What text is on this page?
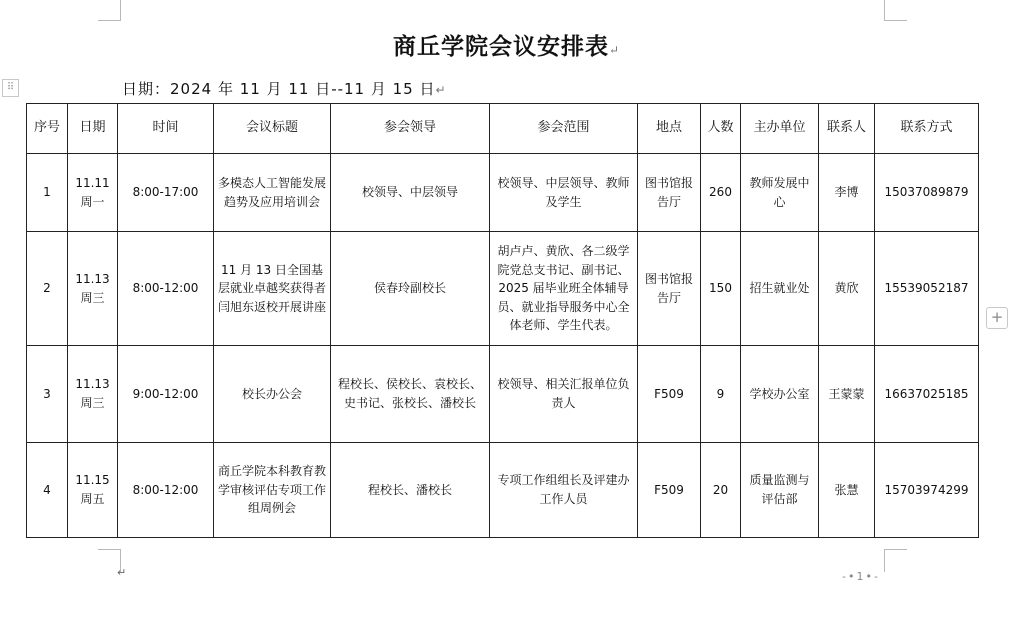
商丘学院会议安排表↵
⠿	日期：2024 年 11 月 11 日--11 月 15 日↵
序号	日期	时间	会议标题	参会领导	参会范围	地点	人数	主办单位	联系人	联系方式
1	11.11 周一	8:00-17:00	多模态人工智能发展趋势及应用培训会	校领导、中层领导	校领导、中层领导、教师及学生	图书馆报告厅	260	教师发展中心	李博	15037089879
2	11.13 周三	8:00-12:00	11 月 13 日全国基层就业卓越奖获得者闫旭东返校开展讲座	侯春玲副校长	胡卢卢、黄欣、各二级学院党总支书记、副书记、2025 届毕业班全体辅导员、就业指导服务中心全体老师、学生代表。	图书馆报告厅	150	招生就业处	黄欣	15539052187
3	11.13 周三	9:00-12:00	校长办公会	程校长、侯校长、袁校长、史书记、张校长、潘校长	校领导、相关汇报单位负责人	F509	9	学校办公室	王蒙蒙	16637025185
4	11.15 周五	8:00-12:00	商丘学院本科教育教学审核评估专项工作组周例会	程校长、潘校长	专项工作组组长及评建办工作人员	F509	20	质量监测与评估部	张慧	15703974299
+
↵	-•1•-
